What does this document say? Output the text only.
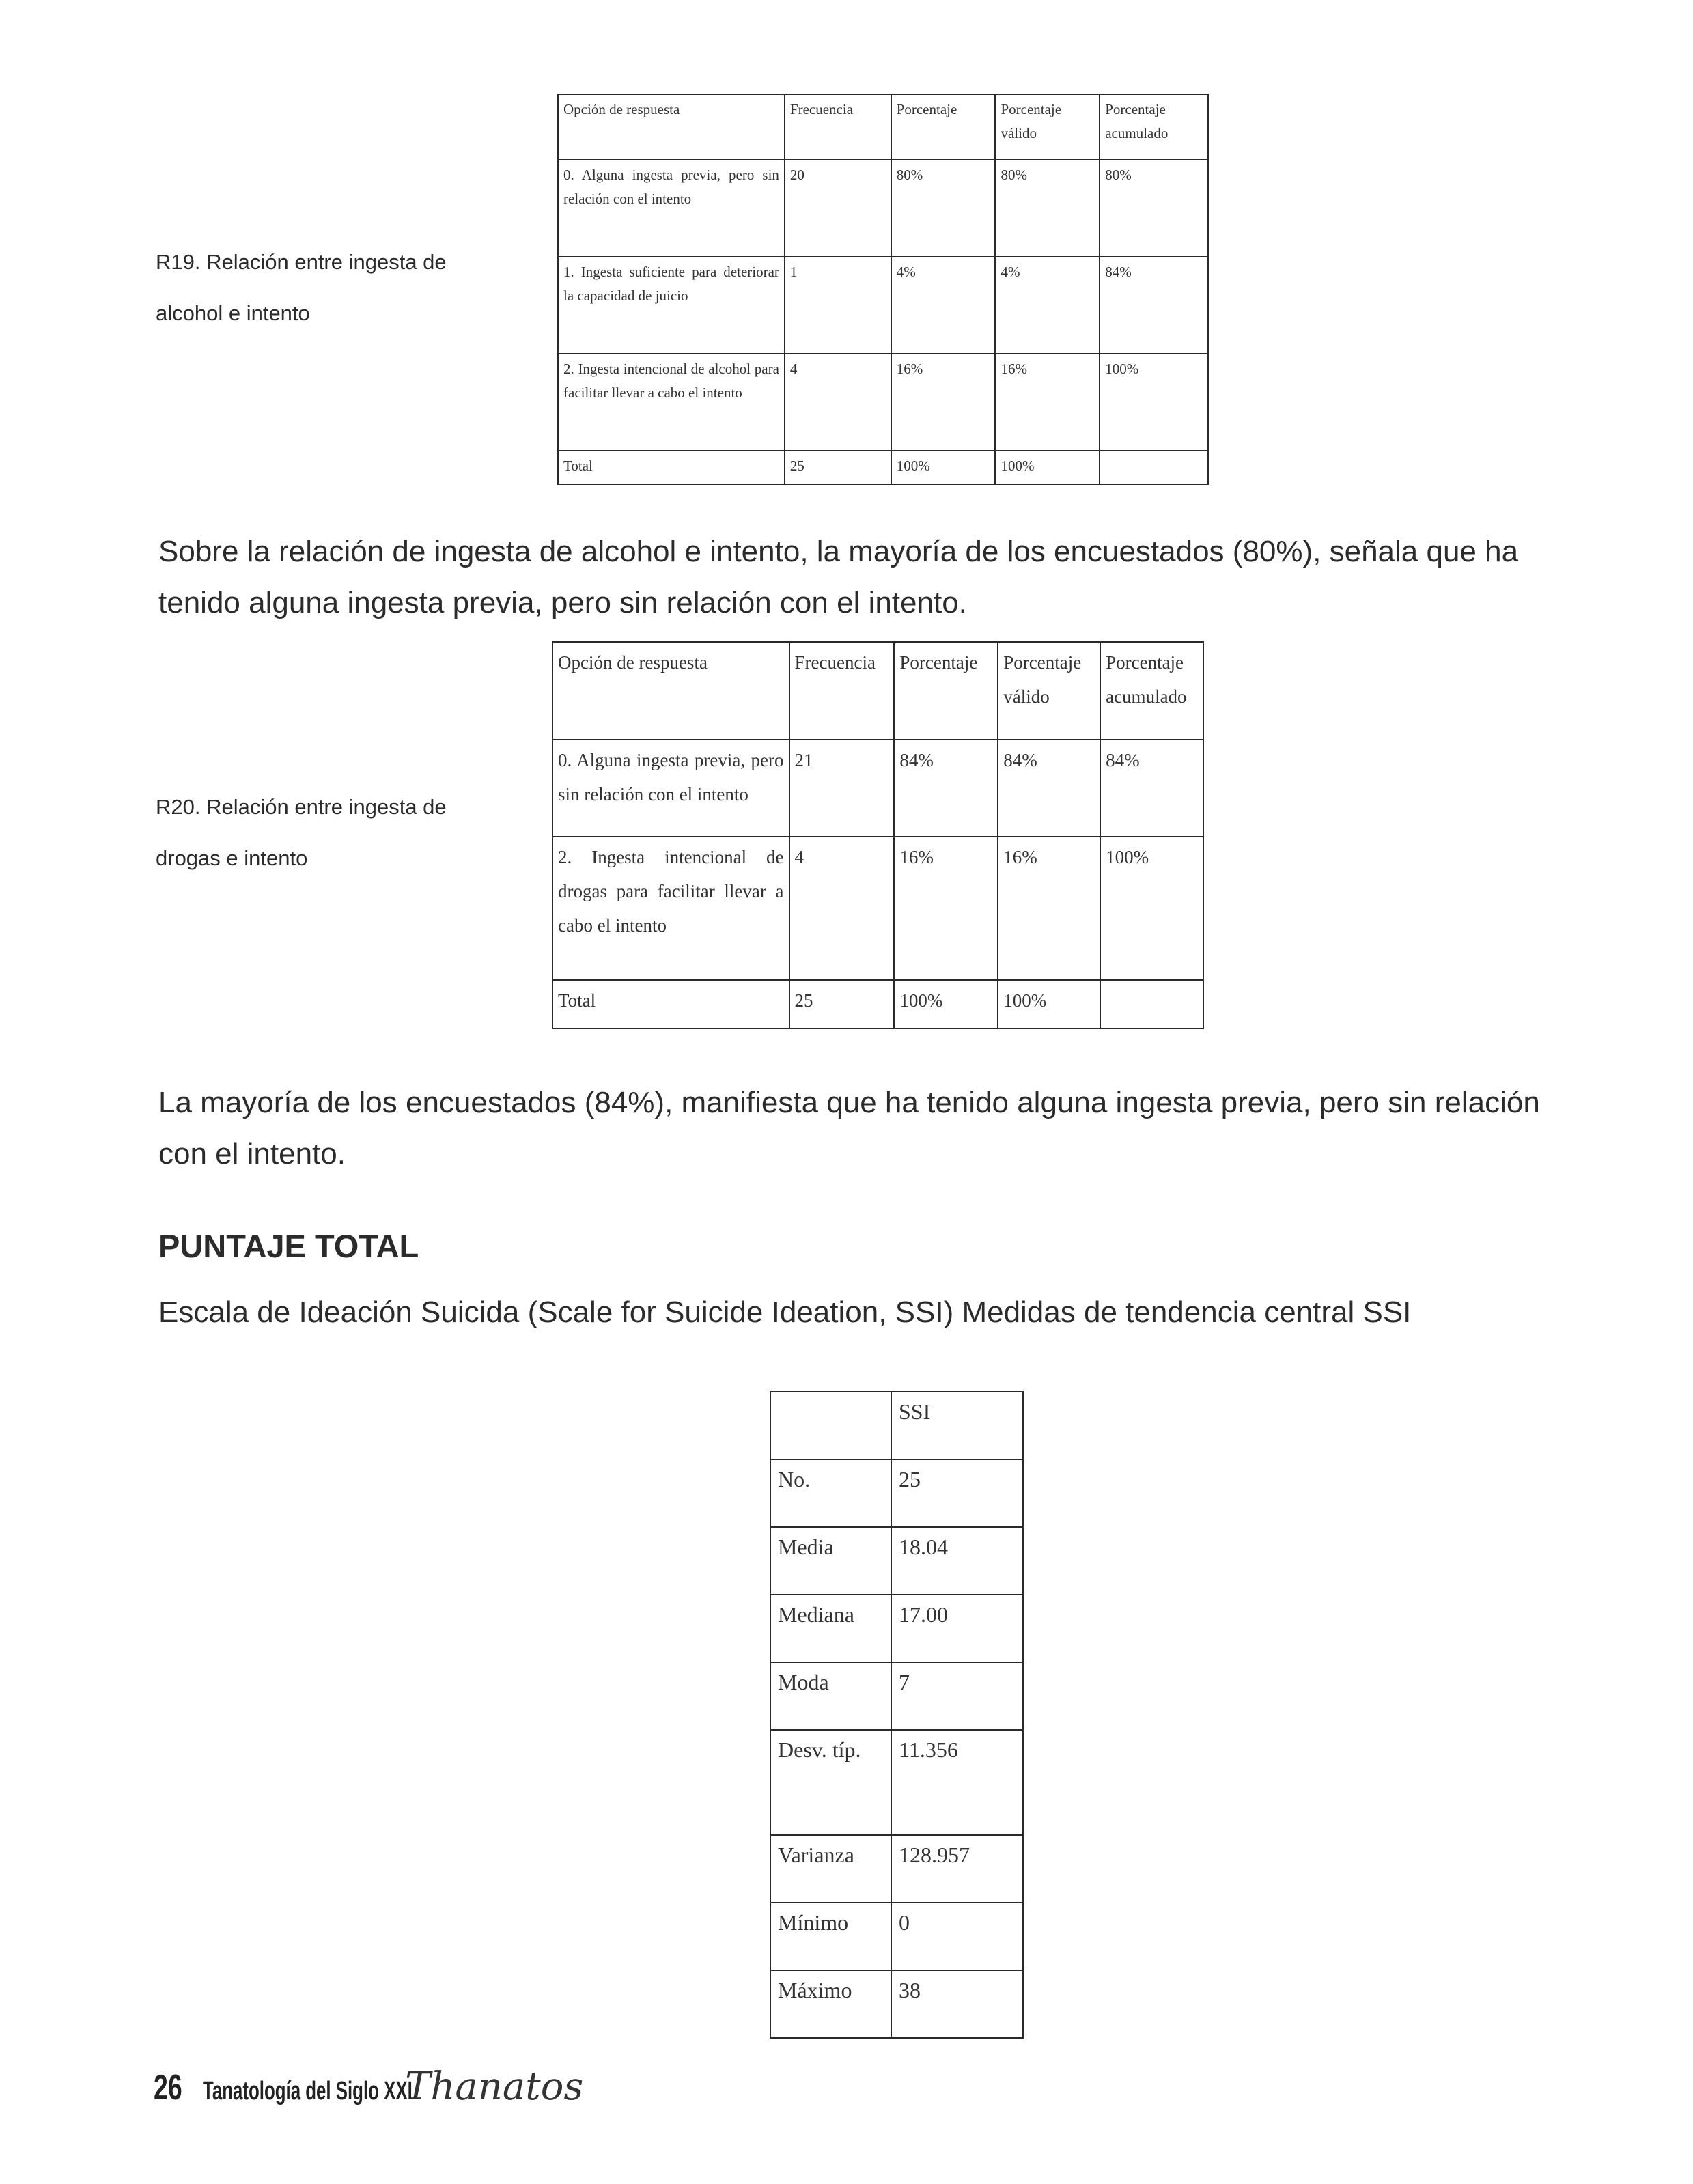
R19. Relación entre ingesta de
alcohol e intento
Opción de respuesta	Frecuencia	Porcentaje	Porcentaje válido	Porcentaje acumulado
0. Alguna ingesta previa, pero sin relación con el intento	20	80%	80%	80%
1. Ingesta suficiente para deteriorar la capacidad de juicio	1	4%	4%	84%
2. Ingesta intencional de alcohol para facilitar llevar a cabo el intento	4	16%	16%	100%
Total	25	100%	100%	

Sobre la relación de ingesta de alcohol e intento, la mayoría de los encuestados (80%), señala que ha tenido alguna ingesta previa, pero sin relación con el intento.

R20. Relación entre ingesta de
drogas e intento
Opción de respuesta	Frecuencia	Porcentaje	Porcentaje válido	Porcentaje acumulado
0. Alguna ingesta previa, pero sin relación con el intento	21	84%	84%	84%
2. Ingesta intencional de drogas para facilitar llevar a cabo el intento	4	16%	16%	100%
Total	25	100%	100%	

La mayoría de los encuestados (84%), manifiesta que ha tenido alguna ingesta previa, pero sin relación con el intento.

PUNTAJE TOTAL
Escala de Ideación Suicida (Scale for Suicide Ideation, SSI) Medidas de tendencia central SSI
	SSI
No.	25
Media	18.04
Mediana	17.00
Moda	7
Desv. típ.	11.356
Varianza	128.957
Mínimo	0
Máximo	38
26 Tanatología del Siglo XXI
Thanatos
